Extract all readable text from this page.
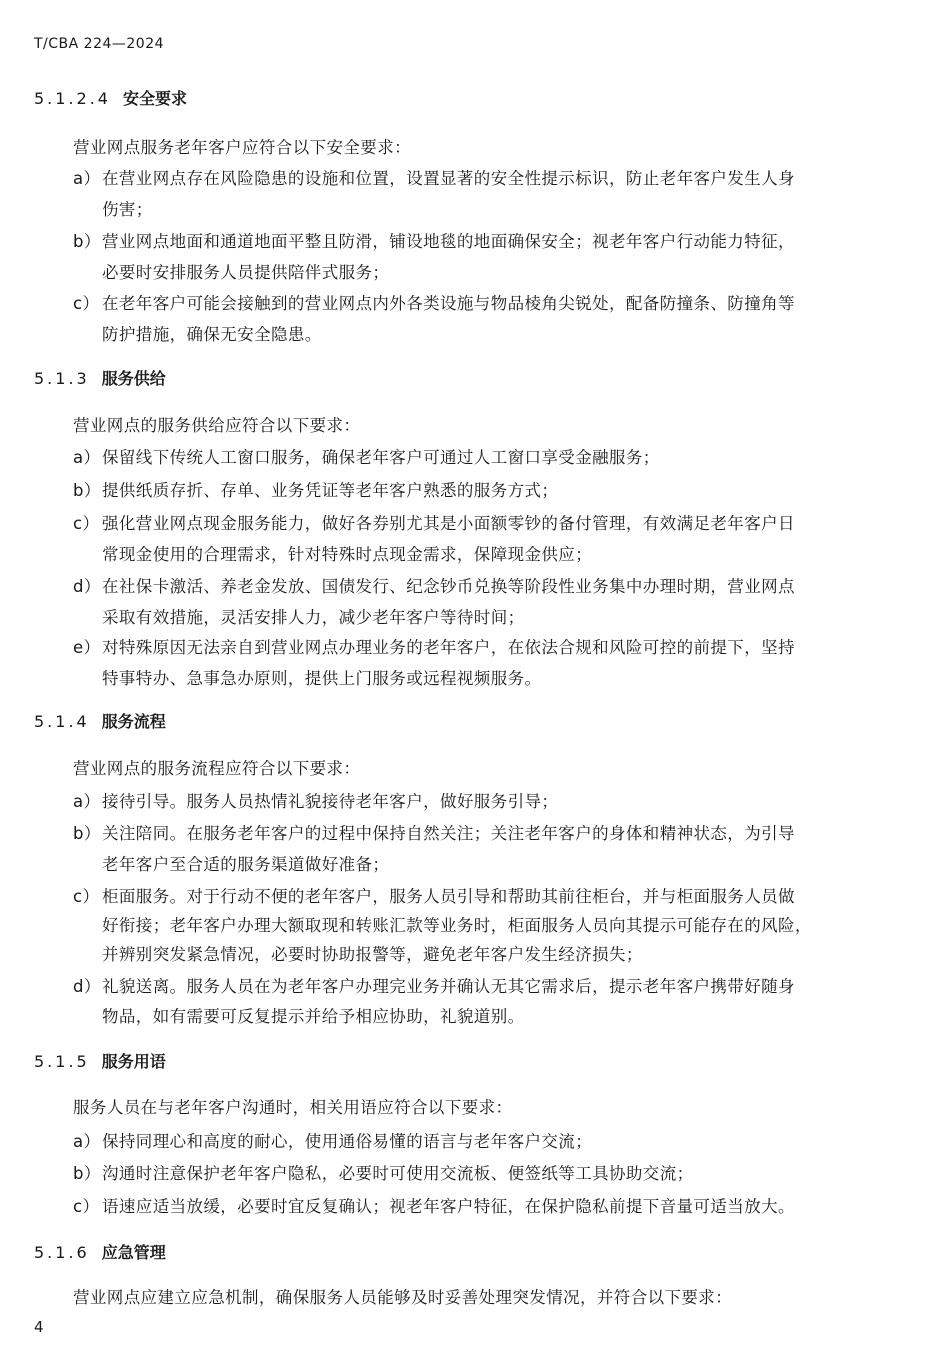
T/CBA 224—2024
5.1.2.4 安全要求
营业网点服务老年客户应符合以下安全要求：
a）在营业网点存在风险隐患的设施和位置，设置显著的安全性提示标识，防止老年客户发生人身
伤害；
b）营业网点地面和通道地面平整且防滑，铺设地毯的地面确保安全；视老年客户行动能力特征，
必要时安排服务人员提供陪伴式服务；
c） 在老年客户可能会接触到的营业网点内外各类设施与物品棱角尖锐处，配备防撞条、防撞角等
防护措施，确保无安全隐患。
5.1.3 服务供给
营业网点的服务供给应符合以下要求：
a）保留线下传统人工窗口服务，确保老年客户可通过人工窗口享受金融服务；
b）提供纸质存折、存单、业务凭证等老年客户熟悉的服务方式；
c） 强化营业网点现金服务能力，做好各券别尤其是小面额零钞的备付管理，有效满足老年客户日
常现金使用的合理需求，针对特殊时点现金需求，保障现金供应；
d）在社保卡激活、养老金发放、国债发行、纪念钞币兑换等阶段性业务集中办理时期，营业网点
采取有效措施，灵活安排人力，减少老年客户等待时间；
e）对特殊原因无法亲自到营业网点办理业务的老年客户，在依法合规和风险可控的前提下，坚持
特事特办、急事急办原则，提供上门服务或远程视频服务。
5.1.4 服务流程
营业网点的服务流程应符合以下要求：
a）接待引导。服务人员热情礼貌接待老年客户，做好服务引导；
b）关注陪同。在服务老年客户的过程中保持自然关注；关注老年客户的身体和精神状态，为引导
老年客户至合适的服务渠道做好准备；
c） 柜面服务。对于行动不便的老年客户，服务人员引导和帮助其前往柜台，并与柜面服务人员做
好衔接；老年客户办理大额取现和转账汇款等业务时，柜面服务人员向其提示可能存在的风险，
并辨别突发紧急情况，必要时协助报警等，避免老年客户发生经济损失；
d）礼貌送离。服务人员在为老年客户办理完业务并确认无其它需求后，提示老年客户携带好随身
物品，如有需要可反复提示并给予相应协助，礼貌道别。
5.1.5 服务用语
服务人员在与老年客户沟通时，相关用语应符合以下要求：
a）保持同理心和高度的耐心，使用通俗易懂的语言与老年客户交流；
b）沟通时注意保护老年客户隐私，必要时可使用交流板、便签纸等工具协助交流；
c） 语速应适当放缓，必要时宜反复确认；视老年客户特征，在保护隐私前提下音量可适当放大。
5.1.6 应急管理
营业网点应建立应急机制，确保服务人员能够及时妥善处理突发情况，并符合以下要求：
4
